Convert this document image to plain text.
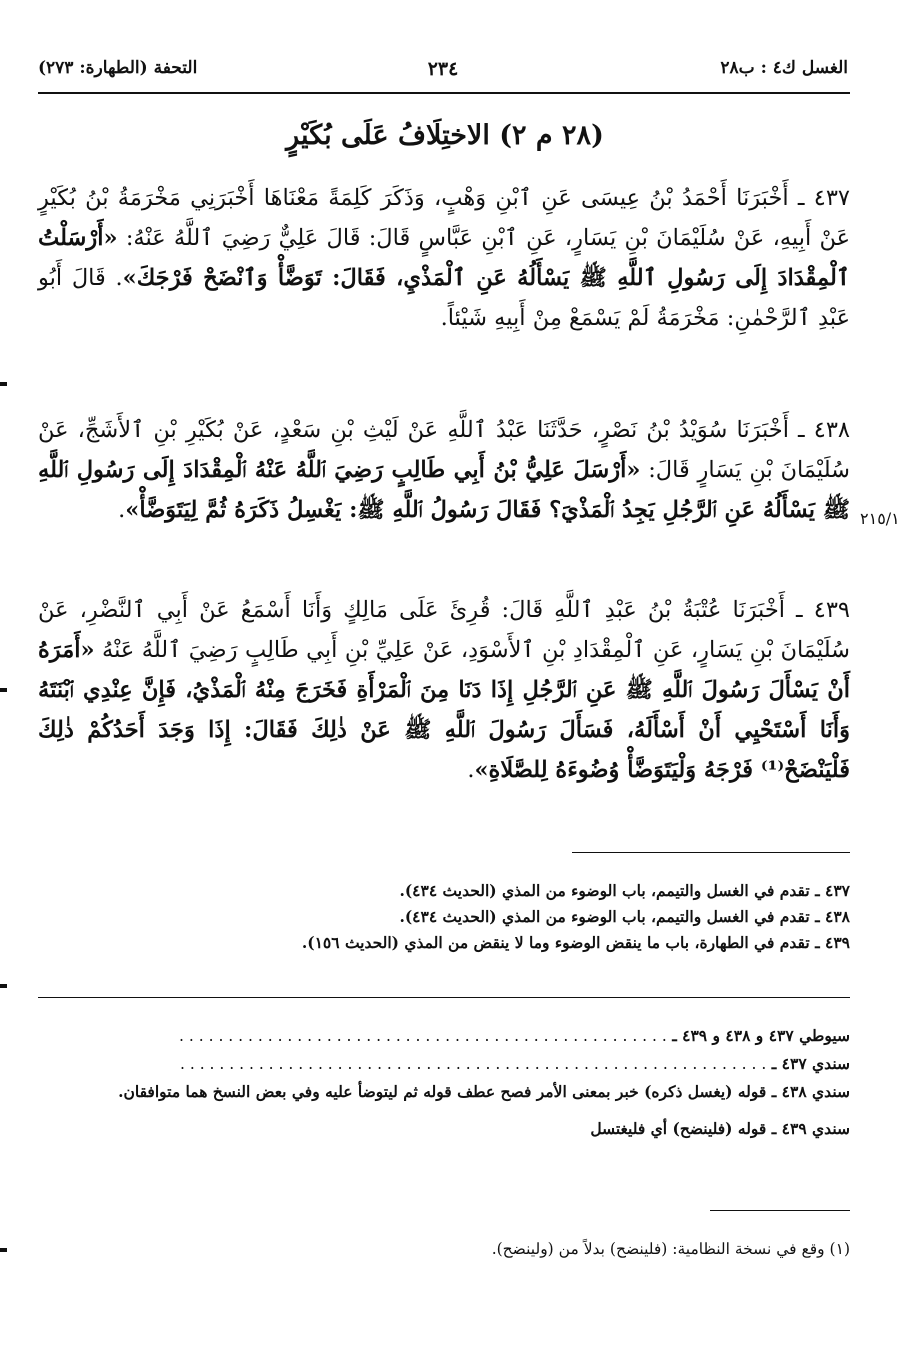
الغسل ك٤ : ب٢٨
٢٣٤
التحفة (الطهارة: ٢٧٣)
(٢٨ م ٢) الاختِلَافُ عَلَى بُكَيْرٍ
٤٣٧ ـ أَخْبَرَنَا أَحْمَدُ بْنُ عِيسَى عَنِ ٱبْنِ وَهْبٍ، وَذَكَرَ كَلِمَةً مَعْنَاهَا أَخْبَرَنِي مَخْرَمَةُ بْنُ بُكَيْرٍ عَنْ أَبِيهِ، عَنْ سُلَيْمَانَ بْنِ يَسَارٍ، عَنِ ٱبْنِ عَبَّاسٍ قَالَ: قَالَ عَلِيٌّ رَضِيَ ٱللَّهُ عَنْهُ: «أَرْسَلْتُ ٱلْمِقْدَادَ إِلَى رَسُولِ ٱللَّهِ ﷺ يَسْأَلُهُ عَنِ ٱلْمَذْيِ، فَقَالَ: تَوَضَّأْ وَٱنْضَحْ فَرْجَكَ». قَالَ أَبُو عَبْدِ ٱلرَّحْمٰنِ: مَخْرَمَةُ لَمْ يَسْمَعْ مِنْ أَبِيهِ شَيْئاً.
٤٣٨ ـ أَخْبَرَنَا سُوَيْدُ بْنُ نَصْرٍ، حَدَّثَنَا عَبْدُ ٱللَّهِ عَنْ لَيْثِ بْنِ سَعْدٍ، عَنْ بُكَيْرِ بْنِ ٱلأَشَجِّ، عَنْ سُلَيْمَانَ بْنِ يَسَارٍ قَالَ: «أَرْسَلَ عَلِيُّ بْنُ أَبِي طَالِبٍ رَضِيَ ٱللَّهُ عَنْهُ ٱلْمِقْدَادَ إِلَى رَسُولِ ٱللَّهِ ﷺ يَسْأَلُهُ عَنِ ٱلرَّجُلِ يَجِدُ ٱلْمَذْيَ؟ فَقَالَ رَسُولُ ٱللَّهِ ﷺ: يَغْسِلُ ذَكَرَهُ ثُمَّ لِيَتَوَضَّأْ».	٢١٥/١
٤٣٩ ـ أَخْبَرَنَا عُتْبَةُ بْنُ عَبْدِ ٱللَّهِ قَالَ: قُرِئَ عَلَى مَالِكٍ وَأَنَا أَسْمَعُ عَنْ أَبِي ٱلنَّضْرِ، عَنْ سُلَيْمَانَ بْنِ يَسَارٍ، عَنِ ٱلْمِقْدَادِ بْنِ ٱلأَسْوَدِ، عَنْ عَلِيِّ بْنِ أَبِي طَالِبٍ رَضِيَ ٱللَّهُ عَنْهُ «أَمَرَهُ أَنْ يَسْأَلَ رَسُولَ ٱللَّهِ ﷺ عَنِ ٱلرَّجُلِ إِذَا دَنَا مِنَ ٱلْمَرْأَةِ فَخَرَجَ مِنْهُ ٱلْمَذْيُ، فَإِنَّ عِنْدِي ٱبْنَتَهُ وَأَنَا أَسْتَحْيِي أَنْ أَسْأَلَهُ، فَسَأَلَ رَسُولَ ٱللَّهِ ﷺ عَنْ ذٰلِكَ فَقَالَ: إِذَا وَجَدَ أَحَدُكُمْ ذٰلِكَ فَلْيَنْضَحْ⁽¹⁾ فَرْجَهُ وَلْيَتَوَضَّأْ وُضُوءَهُ لِلصَّلَاةِ».
٤٣٧ ـ تقدم في الغسل والتيمم، باب الوضوء من المذي (الحديث ٤٣٤).
٤٣٨ ـ تقدم في الغسل والتيمم، باب الوضوء من المذي (الحديث ٤٣٤).
٤٣٩ ـ تقدم في الطهارة، باب ما ينقض الوضوء وما لا ينقض من المذي (الحديث ١٥٦).
سيوطي ٤٣٧ و ٤٣٨ و ٤٣٩ ـ . . . . . . . . . . . . . . . . . . . . . . . . . . . . . . . . . . . . . . . . . . . . . . . . . .
سندي ٤٣٧ ـ . . . . . . . . . . . . . . . . . . . . . . . . . . . . . . . . . . . . . . . . . . . . . . . . . . . . . . . . . . . .
سندي ٤٣٨ ـ قوله (يغسل ذكره) خبر بمعنى الأمر فصح عطف قوله ثم ليتوضأ عليه وفي بعض النسخ هما متوافقان.
سندي ٤٣٩ ـ قوله (فلينضح) أي فليغتسل
(١) وقع في نسخة النظامية: (فلينضح) بدلاً من (ولينضح).
